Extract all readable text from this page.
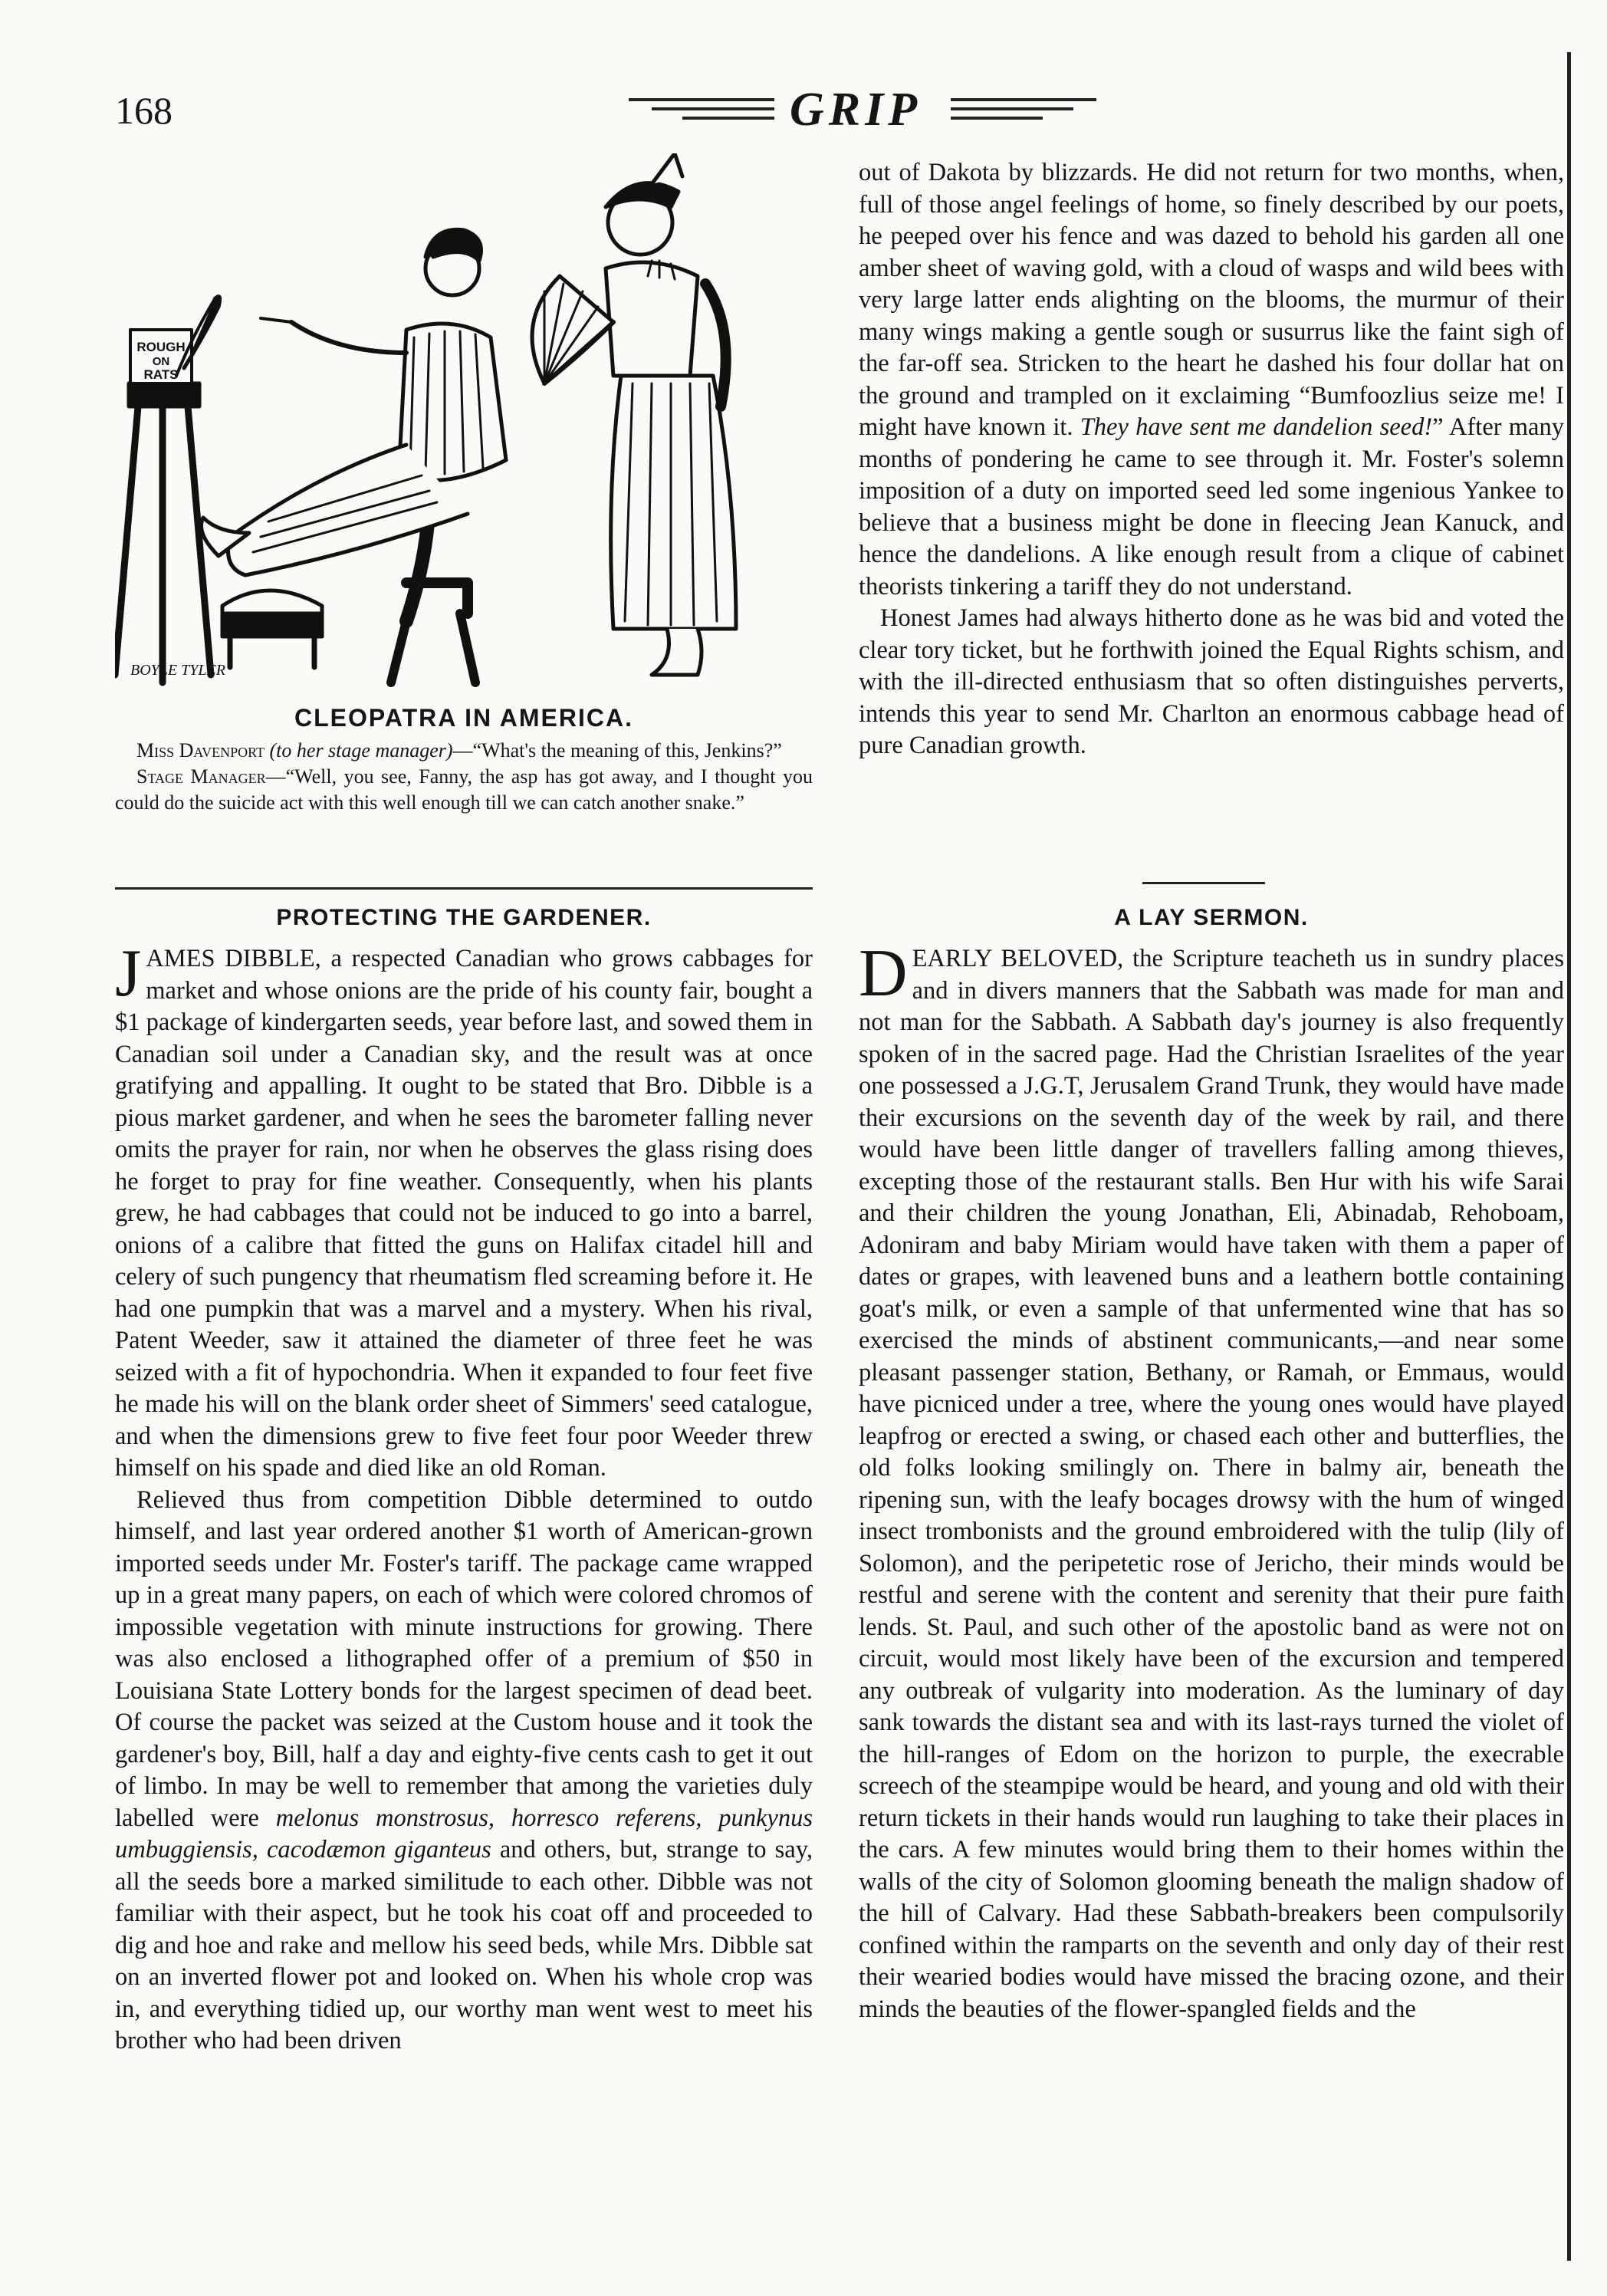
168	GRIP
ROUGH
ON
RATS
BOYLE TYLER
CLEOPATRA IN AMERICA.

Miss Davenport (to her stage manager)—“What's the meaning of this, Jenkins?”

Stage Manager—“Well, you see, Fanny, the asp has got away, and I thought you could do the suicide act with this well enough till we can catch another snake.”

PROTECTING THE GARDENER.

JAMES DIBBLE, a respected Canadian who grows cabbages for market and whose onions are the pride of his county fair, bought a $1 package of kindergarten seeds, year before last, and sowed them in Canadian soil under a Canadian sky, and the result was at once gratifying and appalling. It ought to be stated that Bro. Dibble is a pious market gardener, and when he sees the barometer falling never omits the prayer for rain, nor when he observes the glass rising does he forget to pray for fine weather. Consequently, when his plants grew, he had cabbages that could not be induced to go into a barrel, onions of a calibre that fitted the guns on Halifax citadel hill and celery of such pungency that rheumatism fled screaming before it. He had one pumpkin that was a marvel and a mystery. When his rival, Patent Weeder, saw it attained the diameter of three feet he was seized with a fit of hypochondria. When it expanded to four feet five he made his will on the blank order sheet of Simmers' seed catalogue, and when the dimensions grew to five feet four poor Weeder threw himself on his spade and died like an old Roman.

Relieved thus from competition Dibble determined to outdo himself, and last year ordered another $1 worth of American-grown imported seeds under Mr. Foster's tariff. The package came wrapped up in a great many papers, on each of which were colored chromos of impossible vegetation with minute instructions for growing. There was also enclosed a lithographed offer of a premium of $50 in Louisiana State Lottery bonds for the largest specimen of dead beet. Of course the packet was seized at the Custom house and it took the gardener's boy, Bill, half a day and eighty-five cents cash to get it out of limbo. In may be well to remember that among the varieties duly labelled were melonus monstrosus, horresco referens, punkynus umbuggiensis, cacodæmon giganteus and others, but, strange to say, all the seeds bore a marked similitude to each other. Dibble was not familiar with their aspect, but he took his coat off and proceeded to dig and hoe and rake and mellow his seed beds, while Mrs. Dibble sat on an inverted flower pot and looked on. When his whole crop was in, and everything tidied up, our worthy man went west to meet his brother who had been driven

out of Dakota by blizzards. He did not return for two months, when, full of those angel feelings of home, so finely described by our poets, he peeped over his fence and was dazed to behold his garden all one amber sheet of waving gold, with a cloud of wasps and wild bees with very large latter ends alighting on the blooms, the murmur of their many wings making a gentle sough or susurrus like the faint sigh of the far-off sea. Stricken to the heart he dashed his four dollar hat on the ground and trampled on it exclaiming “Bumfoozlius seize me! I might have known it. They have sent me dandelion seed!” After many months of pondering he came to see through it. Mr. Foster's solemn imposition of a duty on imported seed led some ingenious Yankee to believe that a business might be done in fleecing Jean Kanuck, and hence the dandelions. A like enough result from a clique of cabinet theorists tinkering a tariff they do not understand.

Honest James had always hitherto done as he was bid and voted the clear tory ticket, but he forthwith joined the Equal Rights schism, and with the ill-directed enthusiasm that so often distinguishes perverts, intends this year to send Mr. Charlton an enormous cabbage head of pure Canadian growth.

A LAY SERMON.

DEARLY BELOVED, the Scripture teacheth us in sundry places and in divers manners that the Sabbath was made for man and not man for the Sabbath. A Sabbath day's journey is also frequently spoken of in the sacred page. Had the Christian Israelites of the year one possessed a J.G.T, Jerusalem Grand Trunk, they would have made their excursions on the seventh day of the week by rail, and there would have been little danger of travellers falling among thieves, excepting those of the restaurant stalls. Ben Hur with his wife Sarai and their children the young Jonathan, Eli, Abinadab, Rehoboam, Adoniram and baby Miriam would have taken with them a paper of dates or grapes, with leavened buns and a leathern bottle containing goat's milk, or even a sample of that unfermented wine that has so exercised the minds of abstinent communicants,—and near some pleasant passenger station, Bethany, or Ramah, or Emmaus, would have picniced under a tree, where the young ones would have played leapfrog or erected a swing, or chased each other and butterflies, the old folks looking smilingly on. There in balmy air, beneath the ripening sun, with the leafy bocages drowsy with the hum of winged insect trombonists and the ground embroidered with the tulip (lily of Solomon), and the peripetetic rose of Jericho, their minds would be restful and serene with the content and serenity that their pure faith lends. St. Paul, and such other of the apostolic band as were not on circuit, would most likely have been of the excursion and tempered any outbreak of vulgarity into moderation. As the luminary of day sank towards the distant sea and with its last-rays turned the violet of the hill-ranges of Edom on the horizon to purple, the execrable screech of the steampipe would be heard, and young and old with their return tickets in their hands would run laughing to take their places in the cars. A few minutes would bring them to their homes within the walls of the city of Solomon glooming beneath the malign shadow of the hill of Calvary. Had these Sabbath-breakers been compulsorily confined within the ramparts on the seventh and only day of their rest their wearied bodies would have missed the bracing ozone, and their minds the beauties of the flower-spangled fields and the
